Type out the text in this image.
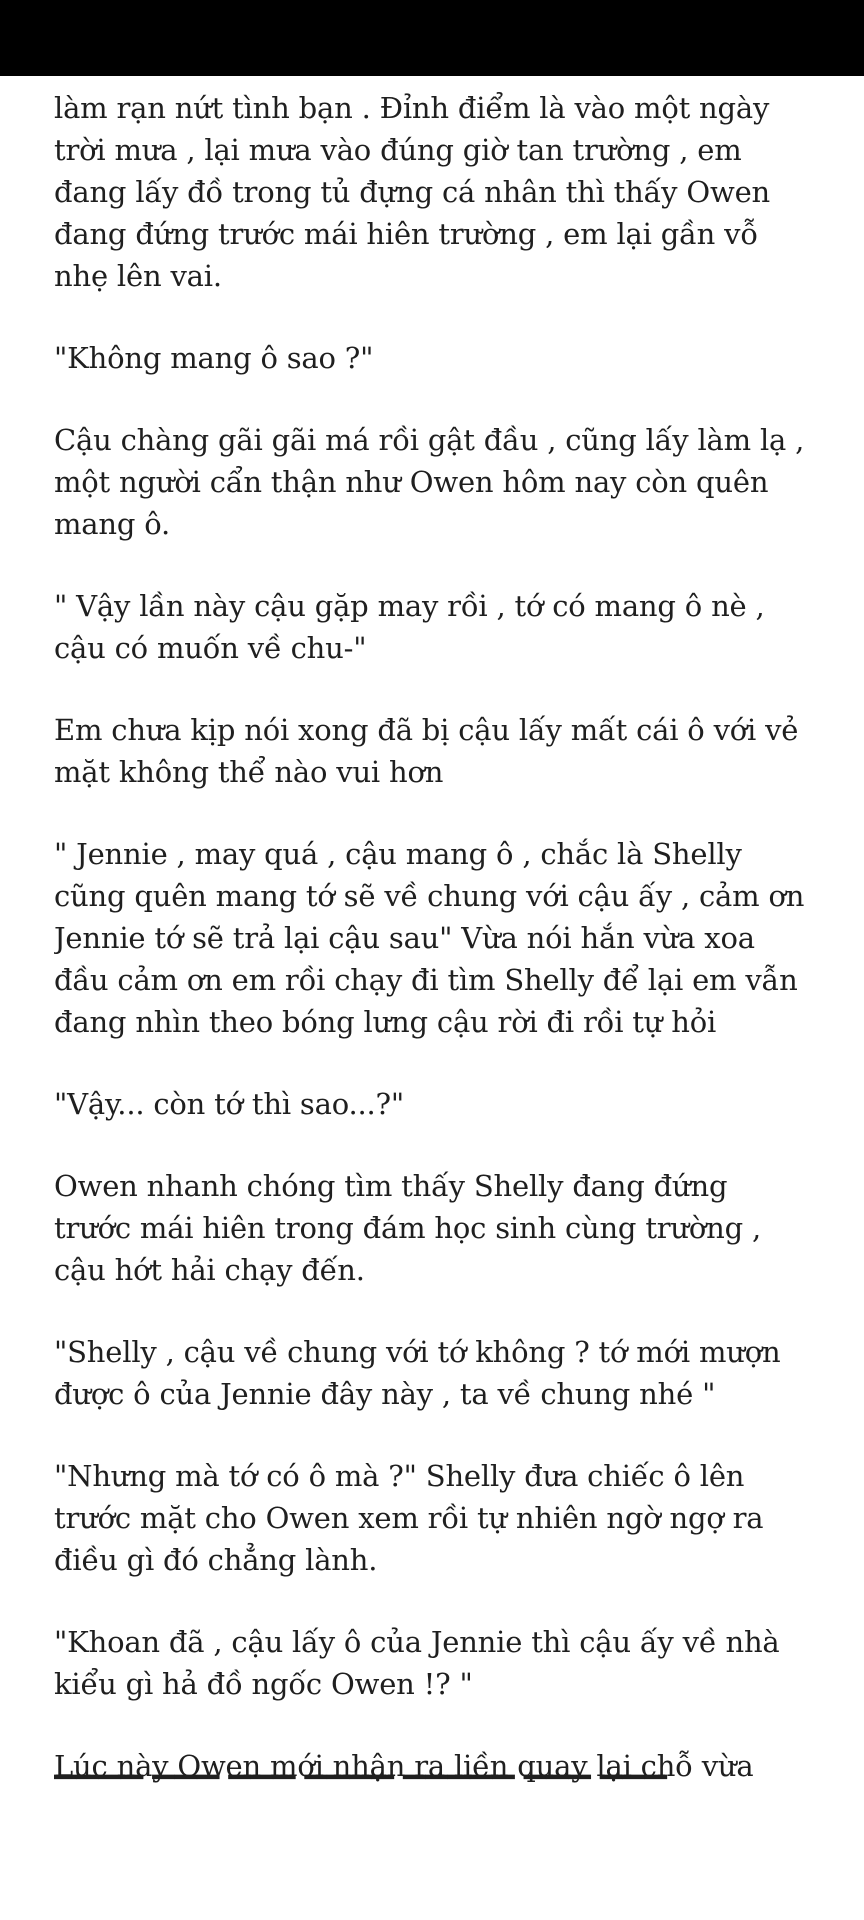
làm rạn nứt tình bạn . Đỉnh điểm là vào một ngày
trời mưa , lại mưa vào đúng giờ tan trường , em
đang lấy đồ trong tủ đựng cá nhân thì thấy Owen
đang đứng trước mái hiên trường , em lại gần vỗ
nhẹ lên vai.

"Không mang ô sao ?"

Cậu chàng gãi gãi má rồi gật đầu , cũng lấy làm lạ ,
một người cẩn thận như Owen hôm nay còn quên
mang ô.

" Vậy lần này cậu gặp may rồi , tớ có mang ô nè ,
cậu có muốn về chu-"

Em chưa kịp nói xong đã bị cậu lấy mất cái ô với vẻ
mặt không thể nào vui hơn

" Jennie , may quá , cậu mang ô , chắc là Shelly
cũng quên mang tớ sẽ về chung với cậu ấy , cảm ơn
Jennie tớ sẽ trả lại cậu sau" Vừa nói hắn vừa xoa
đầu cảm ơn em rồi chạy đi tìm Shelly để lại em vẫn
đang nhìn theo bóng lưng cậu rời đi rồi tự hỏi

"Vậy... còn tớ thì sao...?"

Owen nhanh chóng tìm thấy Shelly đang đứng
trước mái hiên trong đám học sinh cùng trường ,
cậu hớt hải chạy đến.

"Shelly , cậu về chung với tớ không ? tớ mới mượn
được ô của Jennie đây này , ta về chung nhé "

"Nhưng mà tớ có ô mà ?" Shelly đưa chiếc ô lên
trước mặt cho Owen xem rồi tự nhiên ngờ ngợ ra
điều gì đó chẳng lành.

"Khoan đã , cậu lấy ô của Jennie thì cậu ấy về nhà
kiểu gì hả đồ ngốc Owen !? "

Lúc này Owen mới nhận ra liền quay lại chỗ vừa
